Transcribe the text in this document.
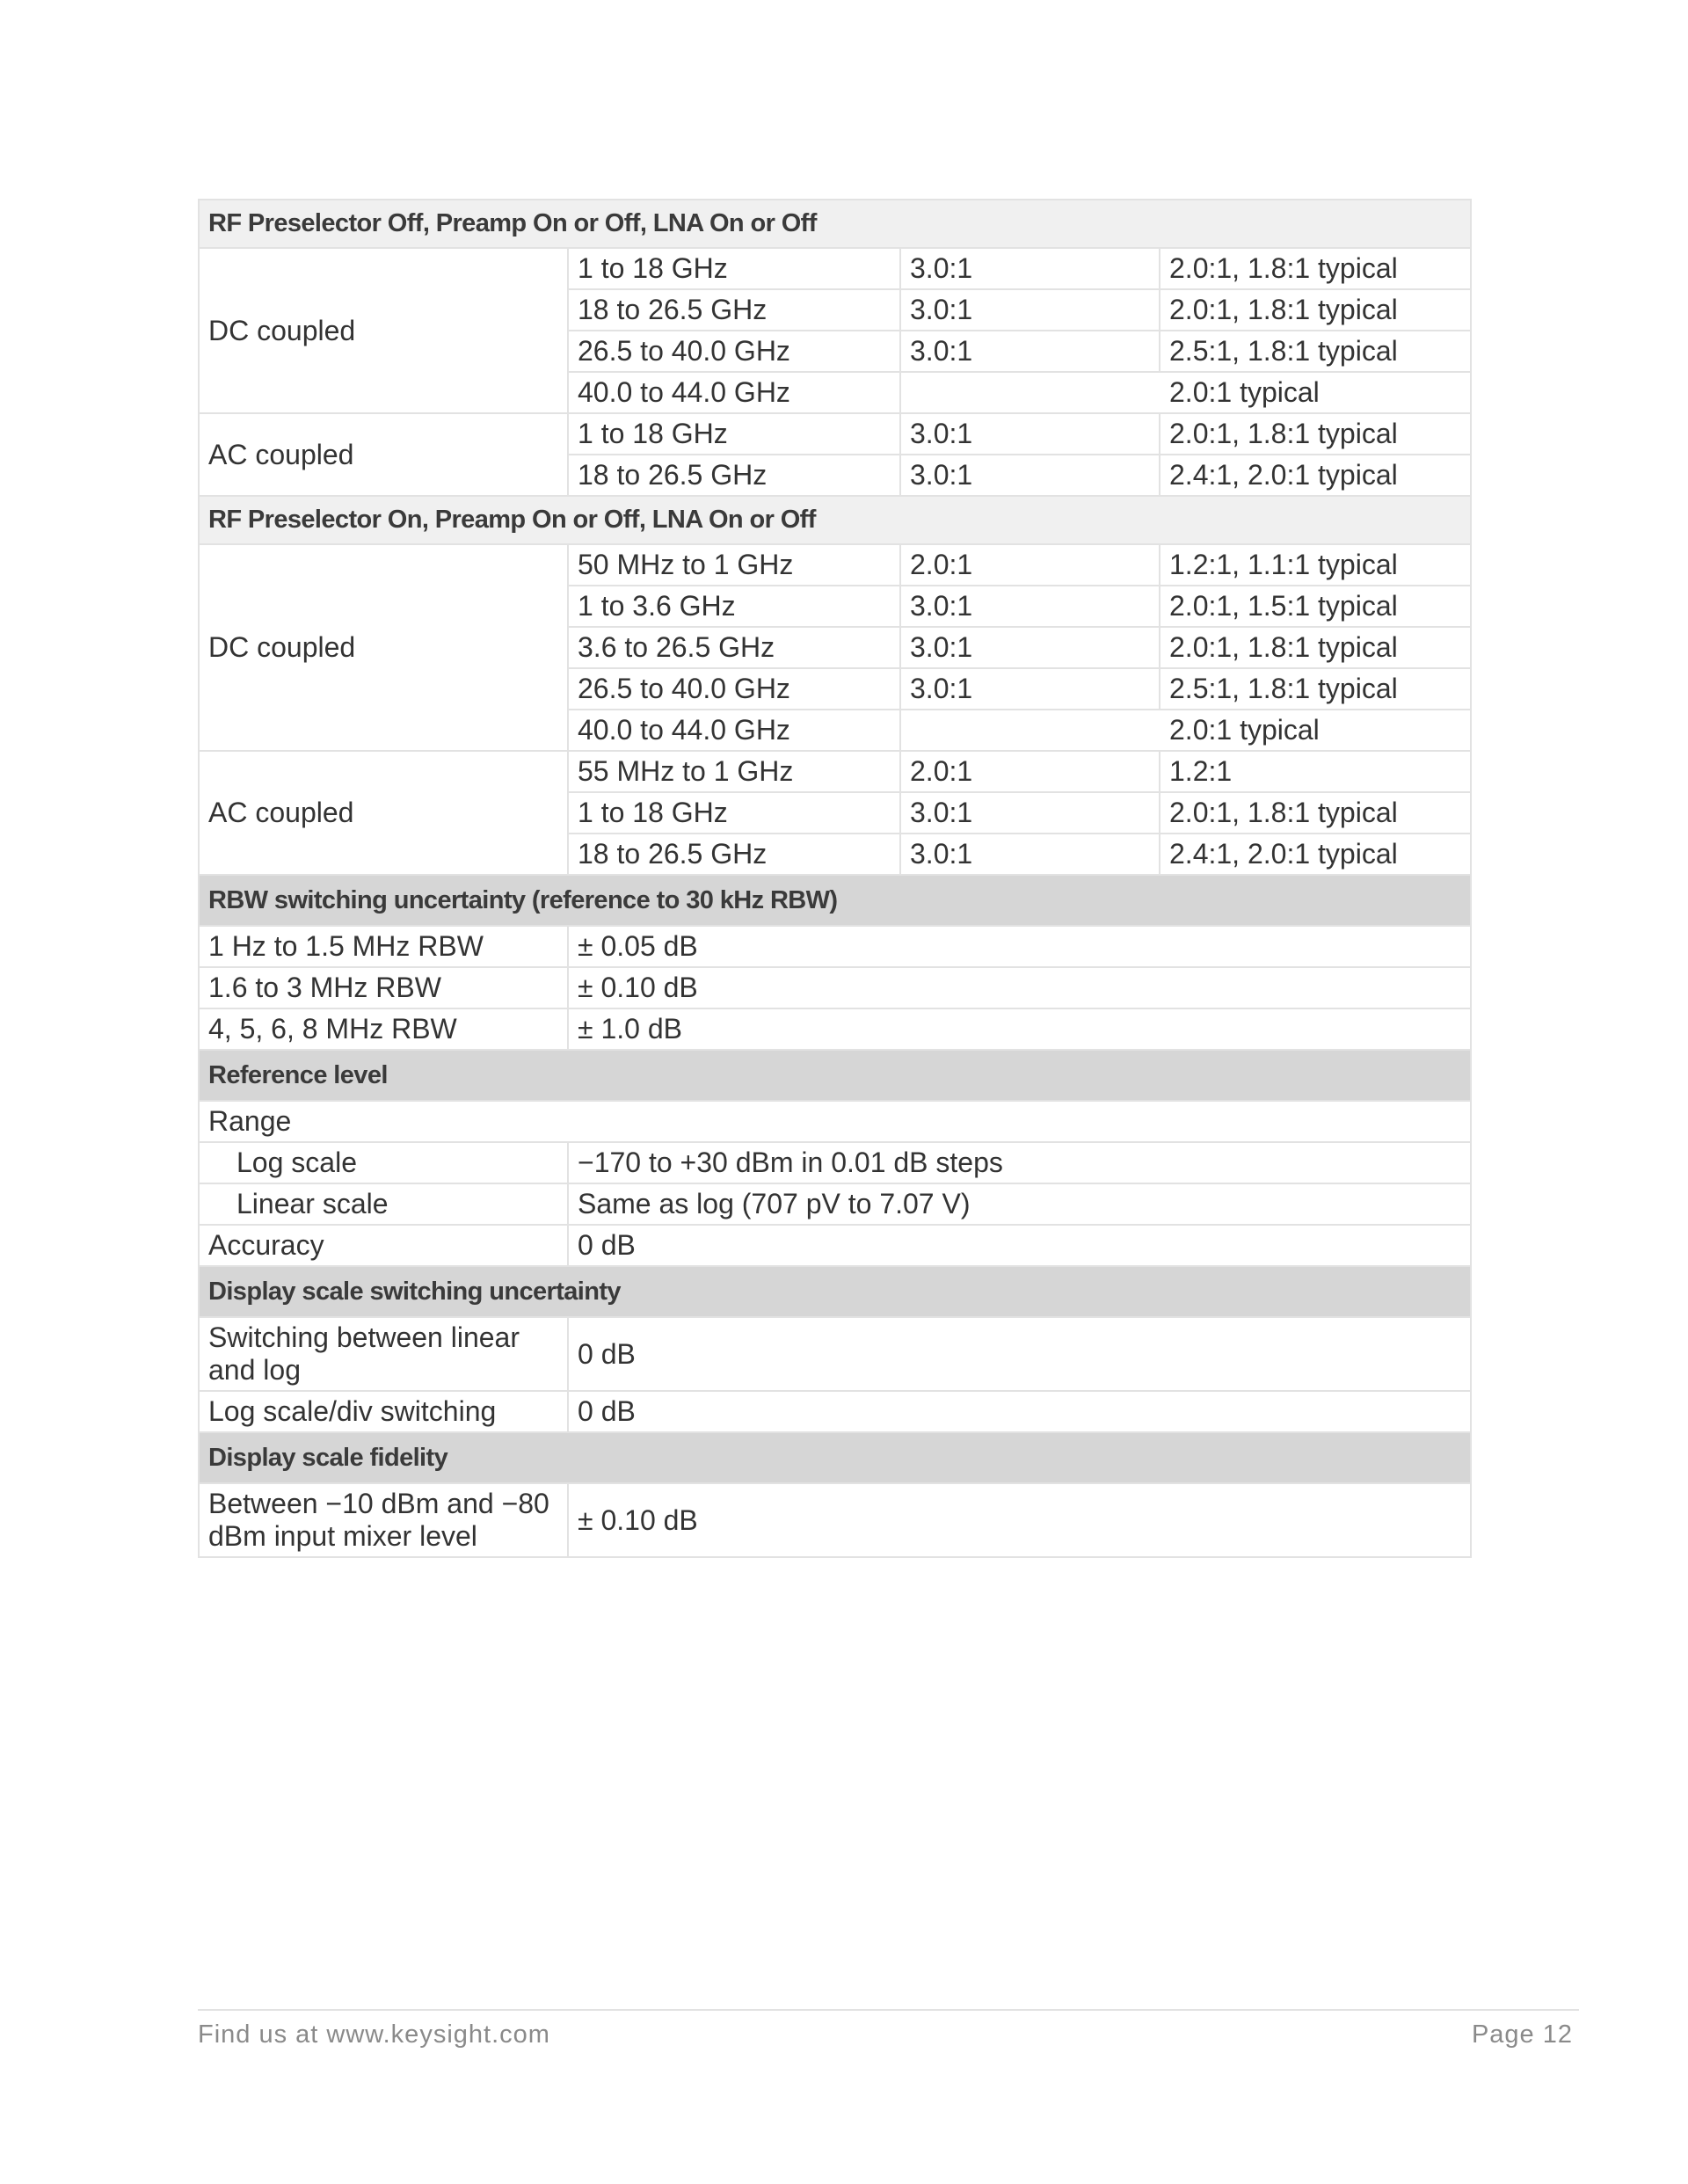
RF Preselector Off, Preamp On or Off, LNA On or Off			
DC coupled	1 to 18 GHz	3.0:1	2.0:1, 1.8:1 typical
	18 to 26.5 GHz	3.0:1	2.0:1, 1.8:1 typical
	26.5 to 40.0 GHz	3.0:1	2.5:1, 1.8:1 typical
	40.0 to 44.0 GHz		2.0:1 typical
AC coupled	1 to 18 GHz	3.0:1	2.0:1, 1.8:1 typical
	18 to 26.5 GHz	3.0:1	2.4:1, 2.0:1 typical
RF Preselector On, Preamp On or Off, LNA On or Off			
DC coupled	50 MHz to 1 GHz	2.0:1	1.2:1, 1.1:1 typical
	1 to 3.6 GHz	3.0:1	2.0:1, 1.5:1 typical
	3.6 to 26.5 GHz	3.0:1	2.0:1, 1.8:1 typical
	26.5 to 40.0 GHz	3.0:1	2.5:1, 1.8:1 typical
	40.0 to 44.0 GHz		2.0:1 typical
AC coupled	55 MHz to 1 GHz	2.0:1	1.2:1
	1 to 18 GHz	3.0:1	2.0:1, 1.8:1 typical
	18 to 26.5 GHz	3.0:1	2.4:1, 2.0:1 typical
RBW switching uncertainty (reference to 30 kHz RBW)			
1 Hz to 1.5 MHz RBW	± 0.05 dB		
1.6 to 3 MHz RBW	± 0.10 dB		
4, 5, 6, 8 MHz RBW	± 1.0 dB		
Reference level			
Range			
Log scale	−170 to +30 dBm in 0.01 dB steps		
Linear scale	Same as log (707 pV to 7.07 V)		
Accuracy	0 dB		
Display scale switching uncertainty			
Switching between linear and log	0 dB		
Log scale/div switching	0 dB		
Display scale fidelity			
Between −10 dBm and −80 dBm input mixer level	± 0.10 dB		
Find us at www.keysight.com	Page 12
